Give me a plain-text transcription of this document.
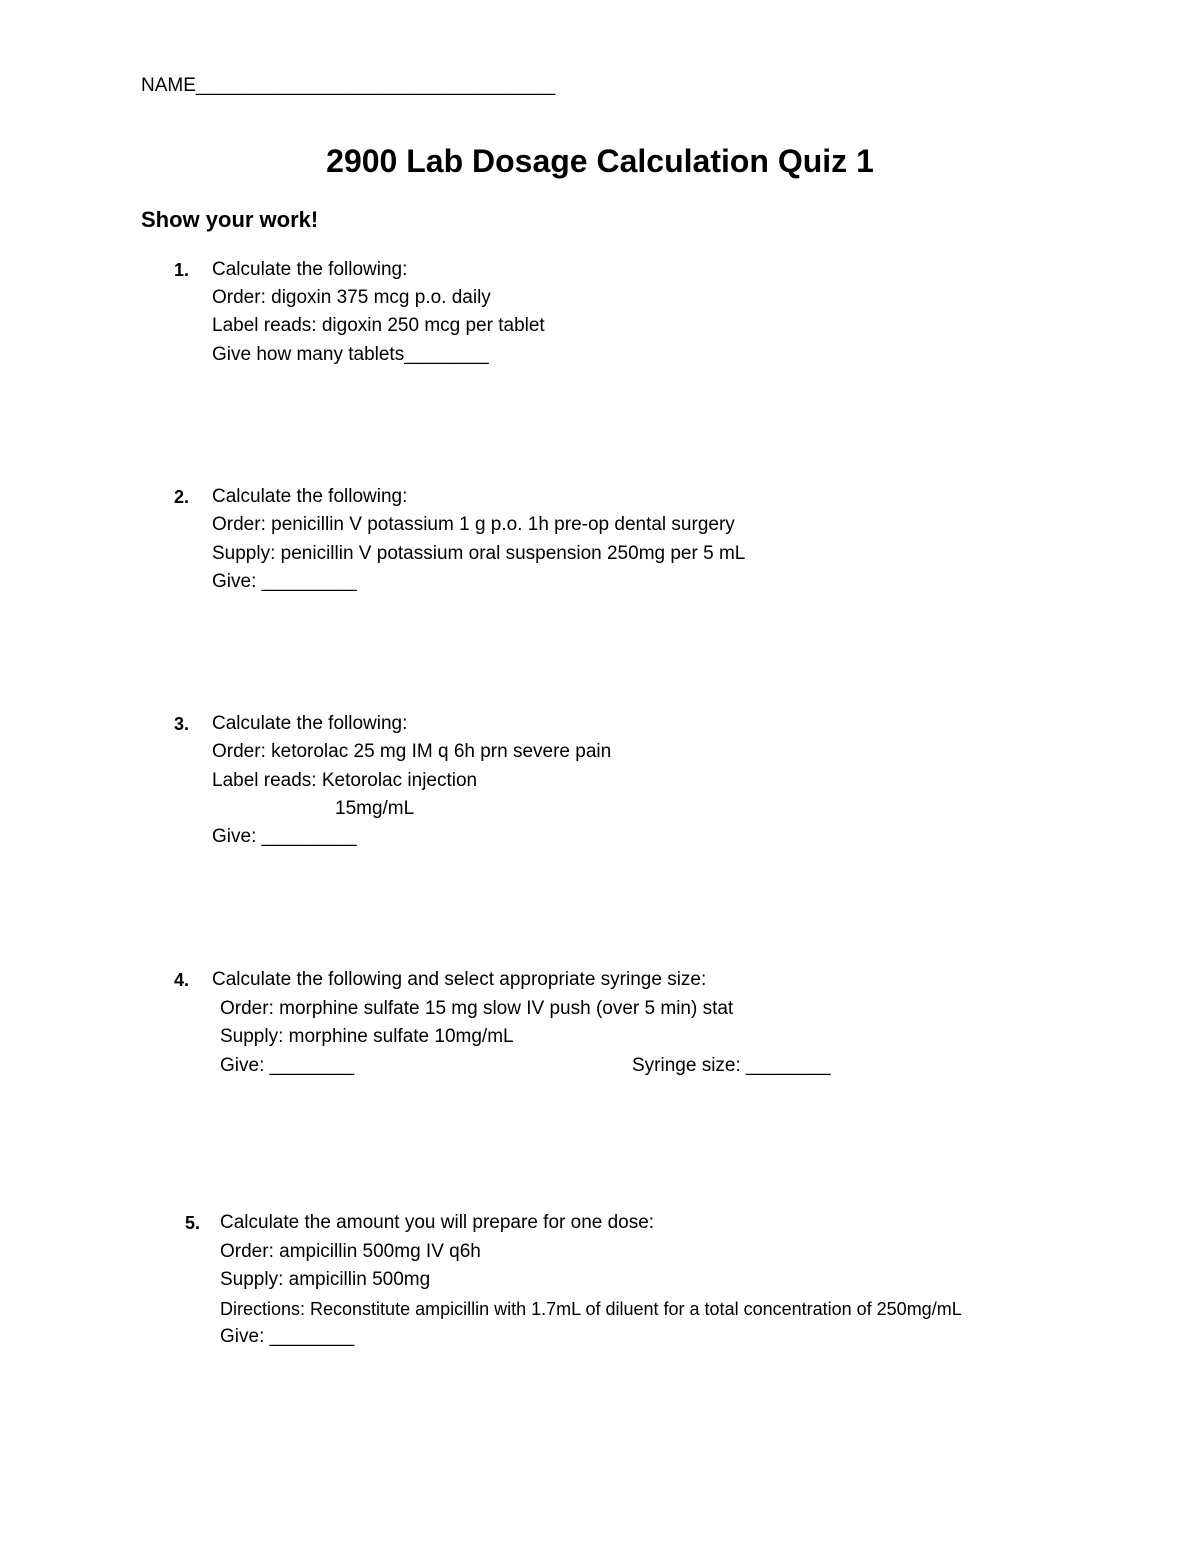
NAME__________________________________
2900 Lab Dosage Calculation Quiz 1
Show your work!
1. Calculate the following:
Order: digoxin 375 mcg p.o. daily
Label reads: digoxin 250 mcg per tablet
Give how many tablets________
2. Calculate the following:
Order: penicillin V potassium 1 g p.o. 1h pre-op dental surgery
Supply: penicillin V potassium oral suspension 250mg per 5 mL
Give: _________
3. Calculate the following:
Order: ketorolac 25 mg IM q 6h prn severe pain
Label reads: Ketorolac injection
15mg/mL
Give: _________
4. Calculate the following and select appropriate syringe size:
Order: morphine sulfate 15 mg slow IV push (over 5 min) stat
Supply: morphine sulfate 10mg/mL
Give: ________	Syringe size: ________
5. Calculate the amount you will prepare for one dose:
Order: ampicillin 500mg IV q6h
Supply: ampicillin 500mg
Directions: Reconstitute ampicillin with 1.7mL of diluent for a total concentration of 250mg/mL
Give: ________
